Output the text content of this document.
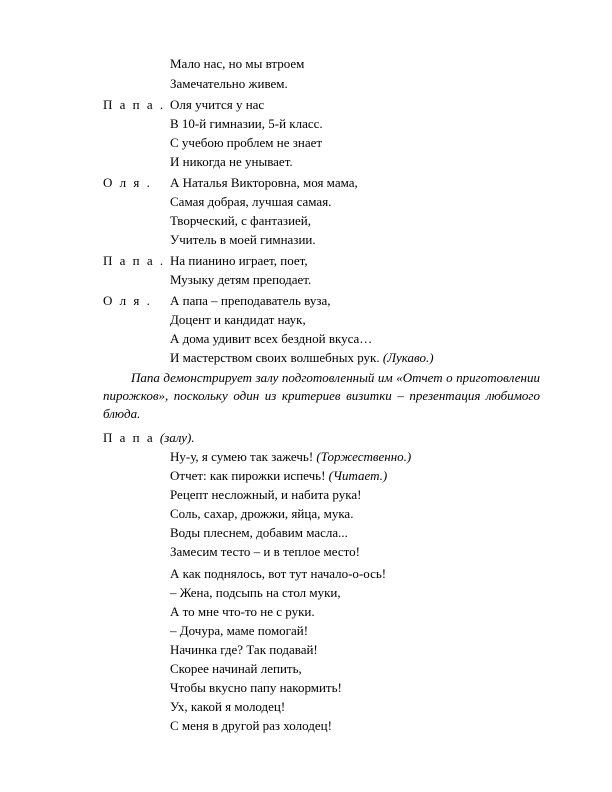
Мало нас, но мы втроем
Замечательно живем.
П а п а . Оля учится у нас
В 10-й гимназии, 5-й класс.
С учебою проблем не знает
И никогда не унывает.
О л я . А Наталья Викторовна, моя мама,
Самая добрая, лучшая самая.
Творческий, с фантазией,
Учитель в моей гимназии.
П а п а . На пианино играет, поет,
Музыку детям преподает.
О л я . А папа – преподаватель вуза,
Доцент и кандидат наук,
А дома удивит всех бездной вкуса…
И мастерством своих волшебных рук. (Лукаво.)
Папа демонстрирует залу подготовленный им «Отчет о приготовлении пирожков», поскольку один из критериев визитки – презентация любимого блюда.
П а п а (залу).
Ну-у, я сумею так зажечь! (Торжественно.)
Отчет: как пирожки испечь! (Читает.)
Рецепт несложный, и набита рука!
Соль, сахар, дрожжи, яйца, мука.
Воды плеснем, добавим масла...
Замесим тесто – и в теплое место!
А как поднялось, вот тут начало-о-ось!
– Жена, подсыпь на стол муки,
А то мне что-то не с руки.
– Дочура, маме помогай!
Начинка где? Так подавай!
Скорее начинай лепить,
Чтобы вкусно папу накормить!
Ух, какой я молодец!
С меня в другой раз холодец!
